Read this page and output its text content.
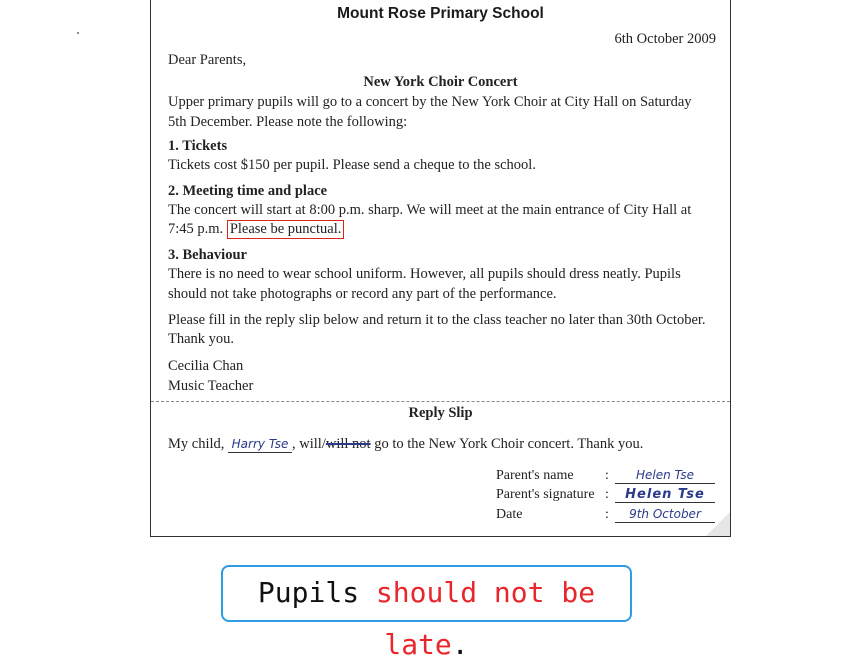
Mount Rose Primary School
6th October 2009
Dear Parents,
New York Choir Concert
Upper primary pupils will go to a concert by the New York Choir at City Hall on Saturday
5th December. Please note the following:
1. Tickets
Tickets cost $150 per pupil. Please send a cheque to the school.
2. Meeting time and place
The concert will start at 8:00 p.m. sharp. We will meet at the main entrance of City Hall at
7:45 p.m. Please be punctual.
3. Behaviour
There is no need to wear school uniform. However, all pupils should dress neatly. Pupils
should not take photographs or record any part of the performance.
Please fill in the reply slip below and return it to the class teacher no later than 30th October.
Thank you.
Cecilia Chan
Music Teacher
Reply Slip
My child, Harry Tse , will/will not go to the New York Choir concert. Thank you.
Parent's name : Helen Tse
Parent's signature : Helen Tse
Date	: 9th October
Pupils should not be late.
